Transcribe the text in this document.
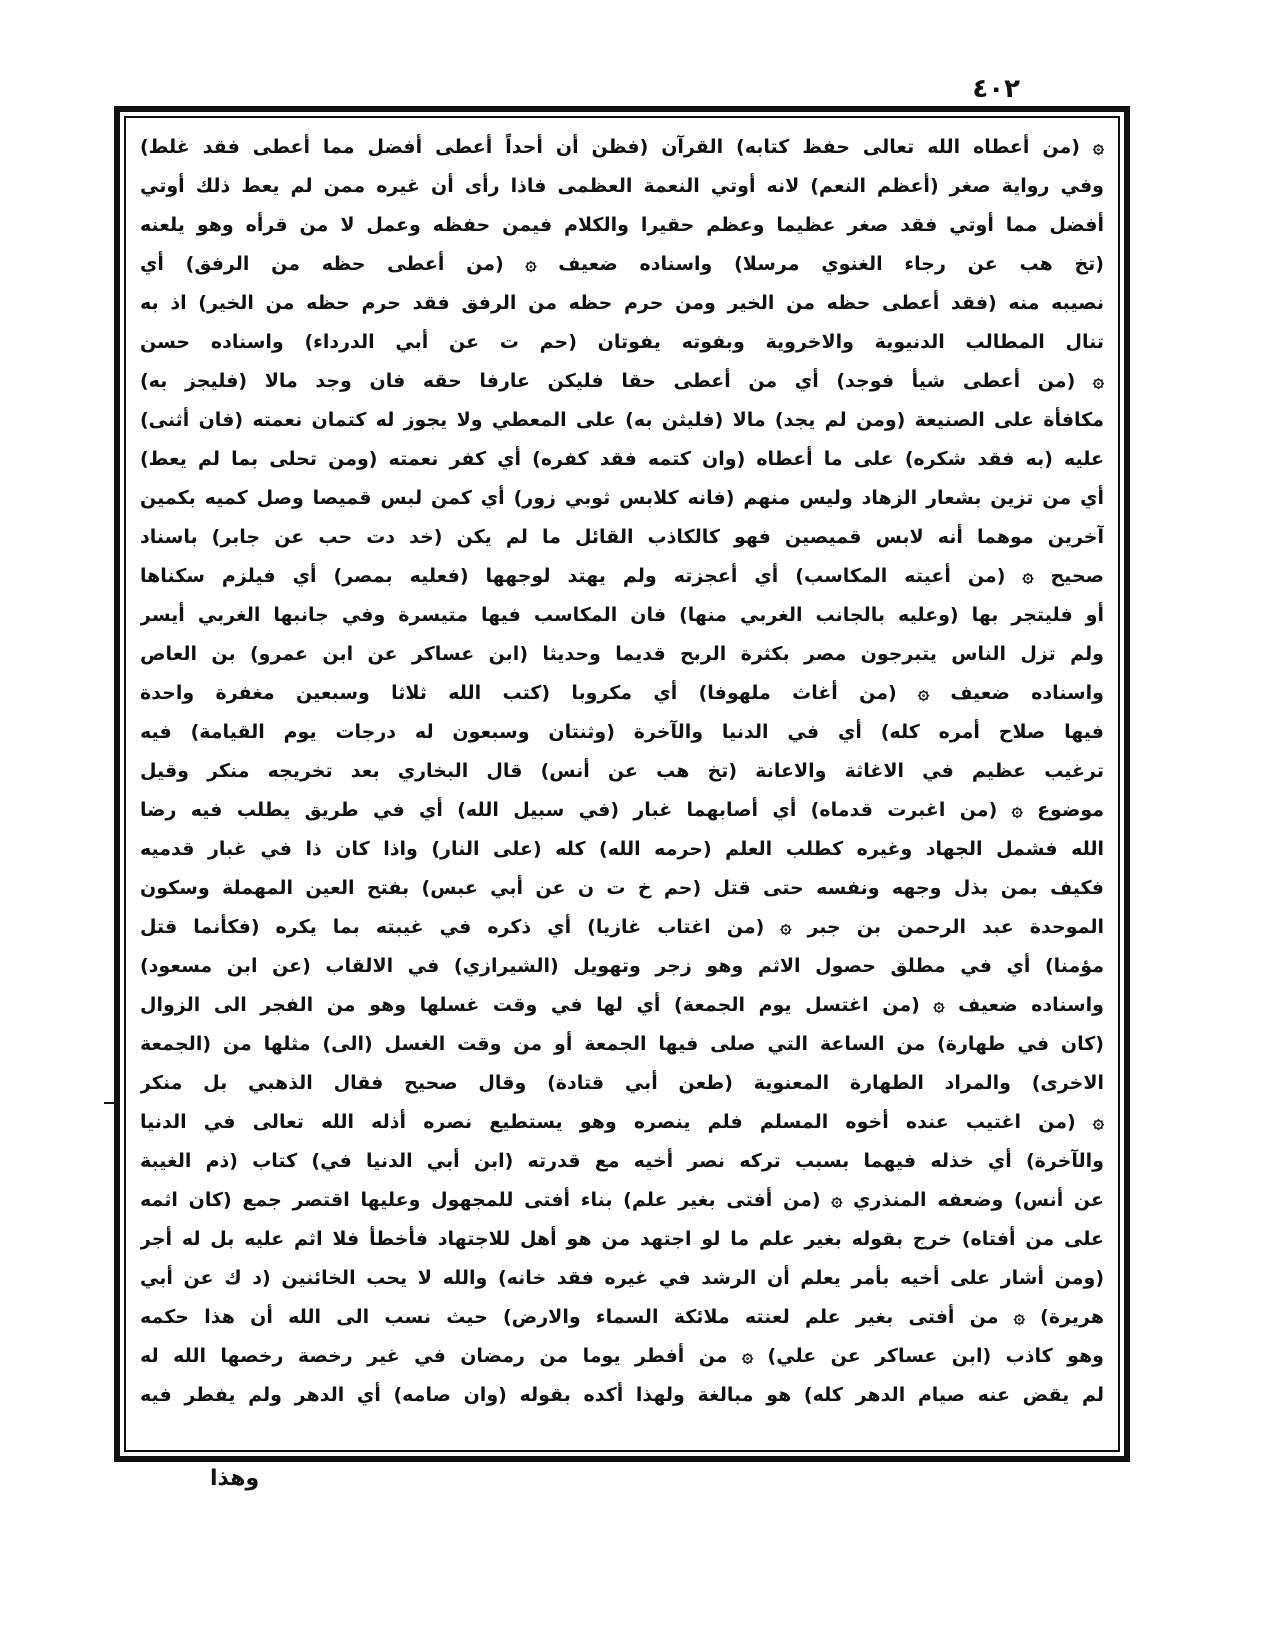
٤٠٢
۞ (من أعطاه الله تعالى حفظ كتابه) القرآن (فظن أن أحداً أعطى أفضل مما أعطى فقد غلط)
وفي رواية صغر (أعظم النعم) لانه أوتي النعمة العظمى فاذا رأى أن غيره ممن لم يعط ذلك أوتي
أفضل مما أوتي فقد صغر عظيما وعظم حقيرا والكلام فيمن حفظه وعمل لا من قرأه وهو يلعنه
(تخ هب عن رجاء الغنوي مرسلا) واسناده ضعيف ۞ (من أعطى حظه من الرفق) أي
نصيبه منه (فقد أعطى حظه من الخير ومن حرم حظه من الرفق فقد حرم حظه من الخير) اذ به
تنال المطالب الدنيوية والاخروية وبفوته يفوتان (حم ت عن أبي الدرداء) واسناده حسن
۞ (من أعطى شيأ فوجد) أي من أعطى حقا فليكن عارفا حقه فان وجد مالا (فليجز به)
مكافأة على الصنيعة (ومن لم يجد) مالا (فليثن به) على المعطي ولا يجوز له كتمان نعمته (فان أثنى)
عليه (به فقد شكره) على ما أعطاه (وان كتمه فقد كفره) أي كفر نعمته (ومن تحلى بما لم يعط)
أي من تزين بشعار الزهاد وليس منهم (فانه كلابس ثوبي زور) أي كمن لبس قميصا وصل كميه بكمين
آخرين موهما أنه لابس قميصين فهو كالكاذب القائل ما لم يكن (خد دت حب عن جابر) باسناد
صحيح ۞ (من أعيته المكاسب) أي أعجزته ولم يهتد لوجهها (فعليه بمصر) أي فيلزم سكناها
أو فليتجر بها (وعليه بالجانب الغربي منها) فان المكاسب فيها متيسرة وفي جانبها الغربي أيسر
ولم تزل الناس يتبرجون مصر بكثرة الربح قديما وحديثا (ابن عساكر عن ابن عمرو) بن العاص
واسناده ضعيف ۞ (من أغاث ملهوفا) أي مكروبا (كتب الله ثلاثا وسبعين مغفرة واحدة
فيها صلاح أمره كله) أي في الدنيا والآخرة (وثنتان وسبعون له درجات يوم القيامة) فيه
ترغيب عظيم في الاغاثة والاعانة (تخ هب عن أنس) قال البخاري بعد تخريجه منكر وقيل
موضوع ۞ (من اغبرت قدماه) أي أصابهما غبار (في سبيل الله) أي في طريق يطلب فيه رضا
الله فشمل الجهاد وغيره كطلب العلم (حرمه الله) كله (على النار) واذا كان ذا في غبار قدميه
فكيف بمن بذل وجهه ونفسه حتى قتل (حم خ ت ن عن أبي عبس) بفتح العين المهملة وسكون
الموحدة عبد الرحمن بن جبر ۞ (من اغتاب غازيا) أي ذكره في غيبته بما يكره (فكأنما قتل
مؤمنا) أي في مطلق حصول الاثم وهو زجر وتهويل (الشيرازي) في الالقاب (عن ابن مسعود)
واسناده ضعيف ۞ (من اغتسل يوم الجمعة) أي لها في وقت غسلها وهو من الفجر الى الزوال
(كان في طهارة) من الساعة التي صلى فيها الجمعة أو من وقت الغسل (الى) مثلها من (الجمعة
الاخرى) والمراد الطهارة المعنوية (طعن أبي قتادة) وقال صحيح فقال الذهبي بل منكر
۞ (من اغتيب عنده أخوه المسلم فلم ينصره وهو يستطيع نصره أذله الله تعالى في الدنيا
والآخرة) أي خذله فيهما بسبب تركه نصر أخيه مع قدرته (ابن أبي الدنيا في) كتاب (ذم الغيبة
عن أنس) وضعفه المنذري ۞ (من أفتى بغير علم) بناء أفتى للمجهول وعليها اقتصر جمع (كان اثمه
على من أفتاه) خرج بقوله بغير علم ما لو اجتهد من هو أهل للاجتهاد فأخطأ فلا اثم عليه بل له أجر
(ومن أشار على أخيه بأمر يعلم أن الرشد في غيره فقد خانه) والله لا يحب الخائنين (د ك عن أبي
هريرة) ۞ من أفتى بغير علم لعنته ملائكة السماء والارض) حيث نسب الى الله أن هذا حكمه
وهو كاذب (ابن عساكر عن علي) ۞ من أفطر يوما من رمضان في غير رخصة رخصها الله له
لم يقض عنه صيام الدهر كله) هو مبالغة ولهذا أكده بقوله (وان صامه) أي الدهر ولم يفطر فيه
وهذا
